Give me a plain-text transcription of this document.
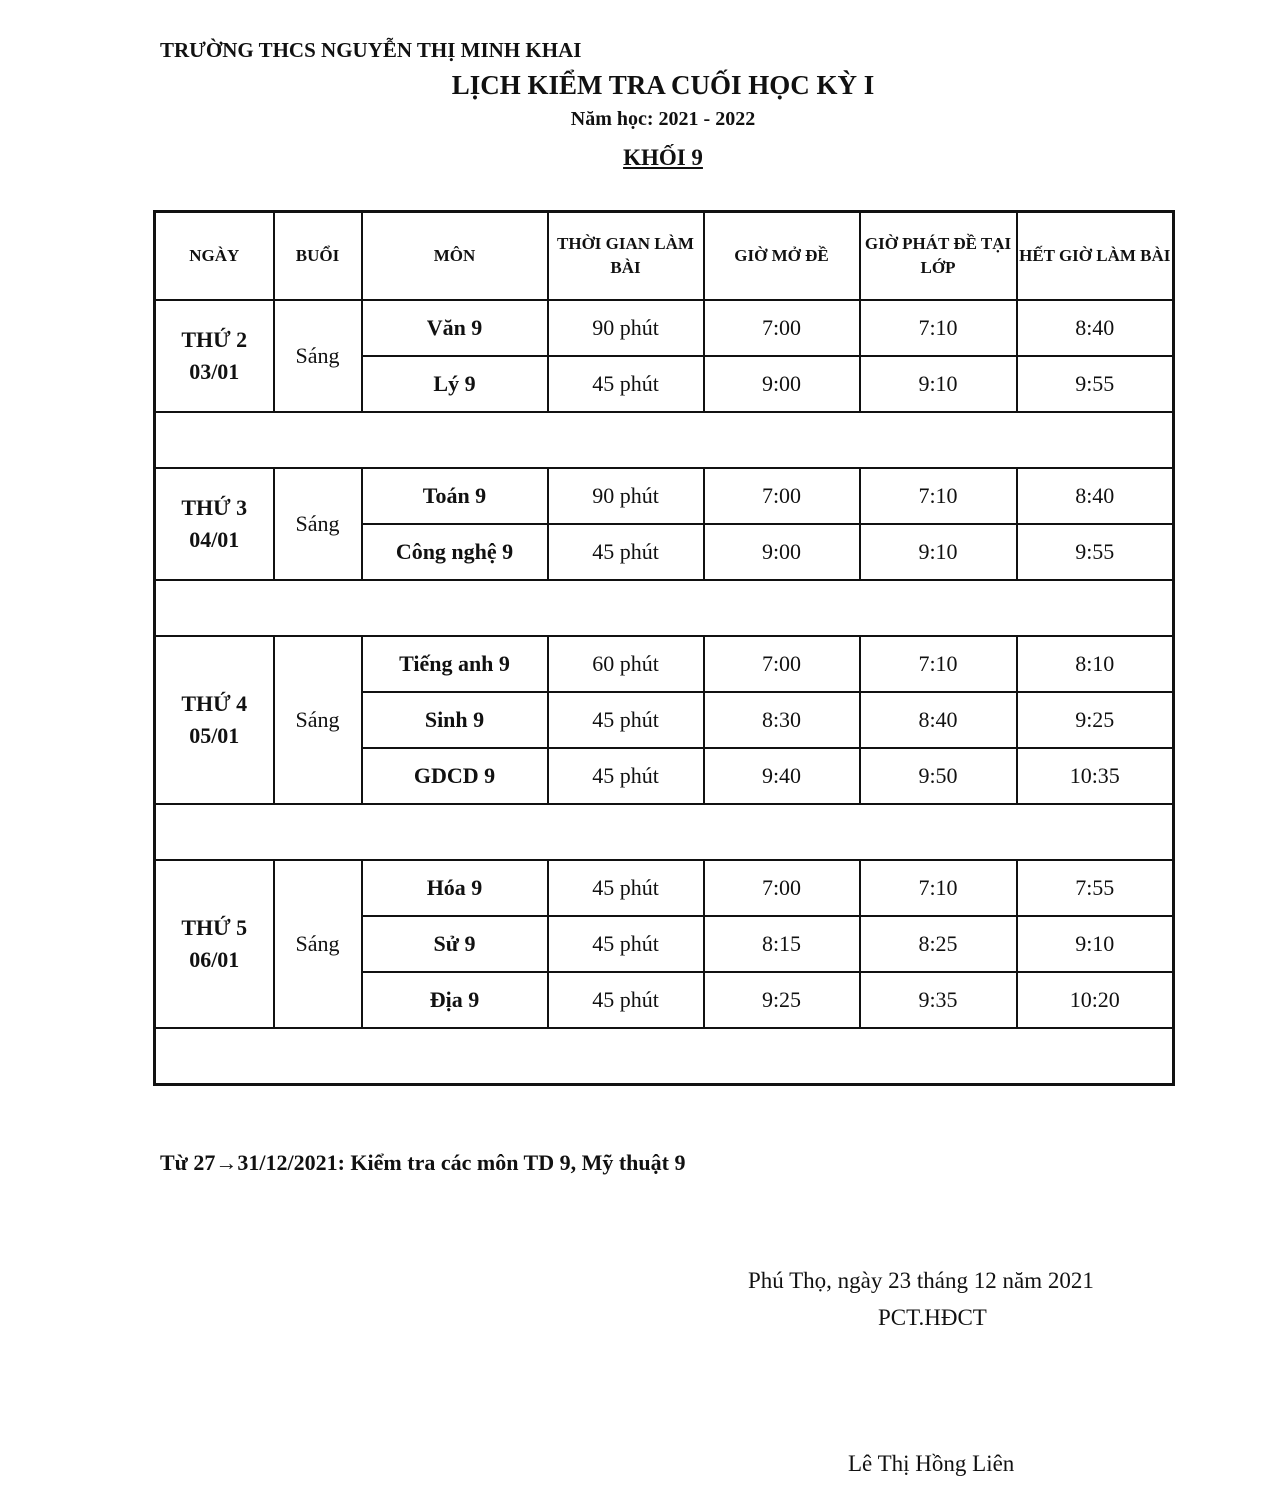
TRƯỜNG THCS NGUYỄN THỊ MINH KHAI
LỊCH KIỂM TRA CUỐI HỌC KỲ I
Năm học: 2021 - 2022
KHỐI 9
NGÀY	BUỔI	MÔN	THỜI GIAN LÀM BÀI	GIỜ MỞ ĐỀ	GIỜ PHÁT ĐỀ TẠI LỚP	HẾT GIỜ LÀM BÀI
THỨ 2
03/01	Sáng	Văn 9	90 phút	7:00	7:10	8:40
		Lý 9	45 phút	9:00	9:10	9:55

THỨ 3
04/01	Sáng	Toán 9	90 phút	7:00	7:10	8:40
		Công nghệ 9	45 phút	9:00	9:10	9:55

THỨ 4
05/01	Sáng	Tiếng anh 9	60 phút	7:00	7:10	8:10
		Sinh 9	45 phút	8:30	8:40	9:25
		GDCD 9	45 phút	9:40	9:50	10:35

THỨ 5
06/01	Sáng	Hóa 9	45 phút	7:00	7:10	7:55
		Sử 9	45 phút	8:15	8:25	9:10
		Địa 9	45 phút	9:25	9:35	10:20

Từ 27→31/12/2021: Kiểm tra các môn TD 9, Mỹ thuật 9
Phú Thọ, ngày 23 tháng 12 năm 2021
PCT.HĐCT
Lê Thị Hồng Liên
